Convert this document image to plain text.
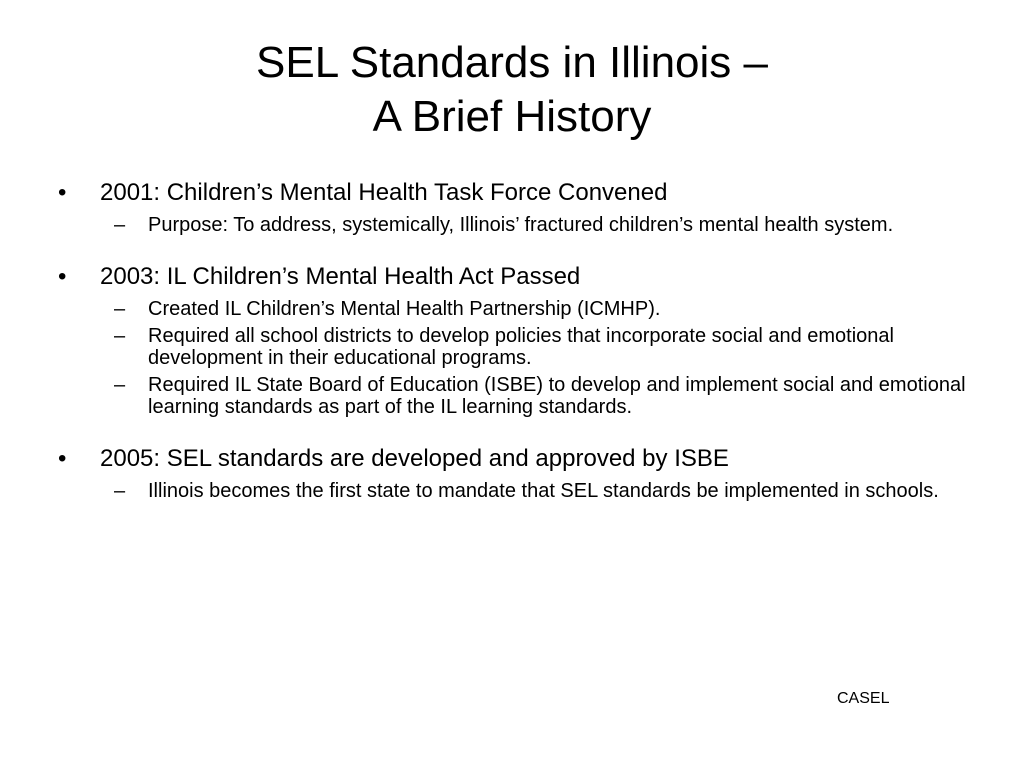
SEL Standards in Illinois –
A Brief History
•	2001: Children’s Mental Health Task Force Convened
–	Purpose: To address, systemically, Illinois’ fractured children’s mental health system.
•	2003: IL Children’s Mental Health Act Passed
–	Created IL Children’s Mental Health Partnership (ICMHP).
–	Required all school districts to develop policies that incorporate social and emotional development in their educational programs.
–	Required IL State Board of Education (ISBE) to develop and implement social and emotional learning standards as part of the IL learning standards.
•	2005: SEL standards are developed and approved by ISBE
–	Illinois becomes the first state to mandate that SEL standards be implemented in schools.
CASEL
